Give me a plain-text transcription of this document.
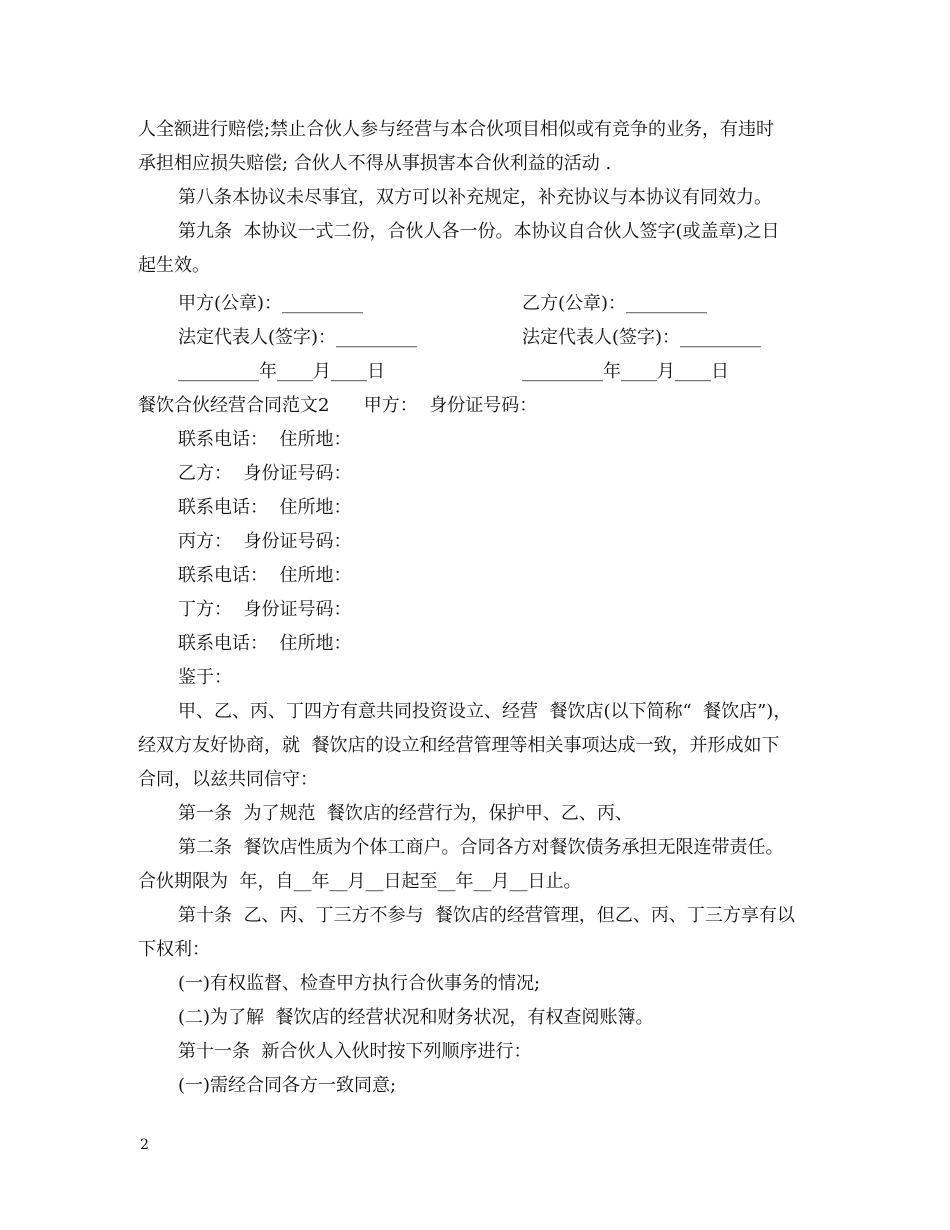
人全额进行赔偿;禁止合伙人参与经营与本合伙项目相似或有竞争的业务，有违时
承担相应损失赔偿; 合伙人不得从事损害本合伙利益的活动 .
第八条本协议未尽事宜，双方可以补充规定，补充协议与本协议有同效力。
第九条  本协议一式二份，合伙人各一份。本协议自合伙人签字(或盖章)之日
起生效。
甲方(公章)：_________	乙方(公章)：_________
法定代表人(签字)：_________	法定代表人(签字)：_________
_________年____月____日	_________年____月____日
餐饮合伙经营合同范文2      甲方：  身份证号码：
联系电话：  住所地：
乙方：  身份证号码：
联系电话：  住所地：
丙方：  身份证号码：
联系电话：  住所地：
丁方：  身份证号码：
联系电话：  住所地：
鉴于：
甲、乙、丙、丁四方有意共同投资设立、经营  餐饮店(以下简称“  餐饮店”)，
经双方友好协商，就  餐饮店的设立和经营管理等相关事项达成一致，并形成如下
合同，以兹共同信守：
第一条  为了规范  餐饮店的经营行为，保护甲、乙、丙、
第二条  餐饮店性质为个体工商户。合同各方对餐饮债务承担无限连带责任。
合伙期限为  年，自__年__月__日起至__年__月__日止。
第十条  乙、丙、丁三方不参与  餐饮店的经营管理，但乙、丙、丁三方享有以
下权利：
(一)有权监督、检查甲方执行合伙事务的情况;
(二)为了解  餐饮店的经营状况和财务状况，有权查阅账簿。
第十一条  新合伙人入伙时按下列顺序进行：
(一)需经合同各方一致同意;
2
